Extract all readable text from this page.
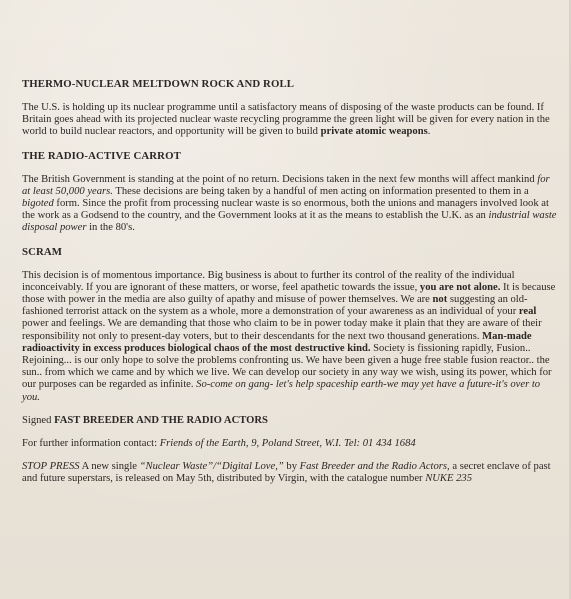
THERMO-NUCLEAR MELTDOWN ROCK AND ROLL

The U.S. is holding up its nuclear programme until a satisfactory means of disposing of the waste products can be found. If Britain goes ahead with its projected nuclear waste recycling programme the green light will be given for every nation in the world to build nuclear reactors, and opportunity will be given to build private atomic weapons.

THE RADIO-ACTIVE CARROT

The British Government is standing at the point of no return. Decisions taken in the next few months will affect mankind for at least 50,000 years. These decisions are being taken by a handful of men acting on information presented to them in a bigoted form. Since the profit from processing nuclear waste is so enormous, both the unions and managers involved look at the work as a Godsend to the country, and the Government looks at it as the means to establish the U.K. as an industrial waste disposal power in the 80's.

SCRAM

This decision is of momentous importance. Big business is about to further its control of the reality of the individual inconceivably. If you are ignorant of these matters, or worse, feel apathetic towards the issue, you are not alone. It is because those with power in the media are also guilty of apathy and misuse of power themselves. We are not suggesting an old-fashioned terrorist attack on the system as a whole, more a demonstration of your awareness as an individual of your real power and feelings. We are demanding that those who claim to be in power today make it plain that they are aware of their responsibility not only to present-day voters, but to their descendants for the next two thousand generations. Man-made radioactivity in excess produces biological chaos of the most destructive kind. Society is fissioning rapidly, Fusion.. Rejoining... is our only hope to solve the problems confronting us. We have been given a huge free stable fusion reactor.. the sun.. from which we came and by which we live. We can develop our society in any way we wish, using its power, which for our purposes can be regarded as infinite. So-come on gang- let's help spaceship earth-we may yet have a future-it's over to you.

Signed FAST BREEDER AND THE RADIO ACTORS

For further information contact: Friends of the Earth, 9, Poland Street, W.I. Tel: 01 434 1684

STOP PRESS A new single “Nuclear Waste”/“Digital Love,” by Fast Breeder and the Radio Actors, a secret enclave of past and future superstars, is released on May 5th, distributed by Virgin, with the catalogue number NUKE 235
